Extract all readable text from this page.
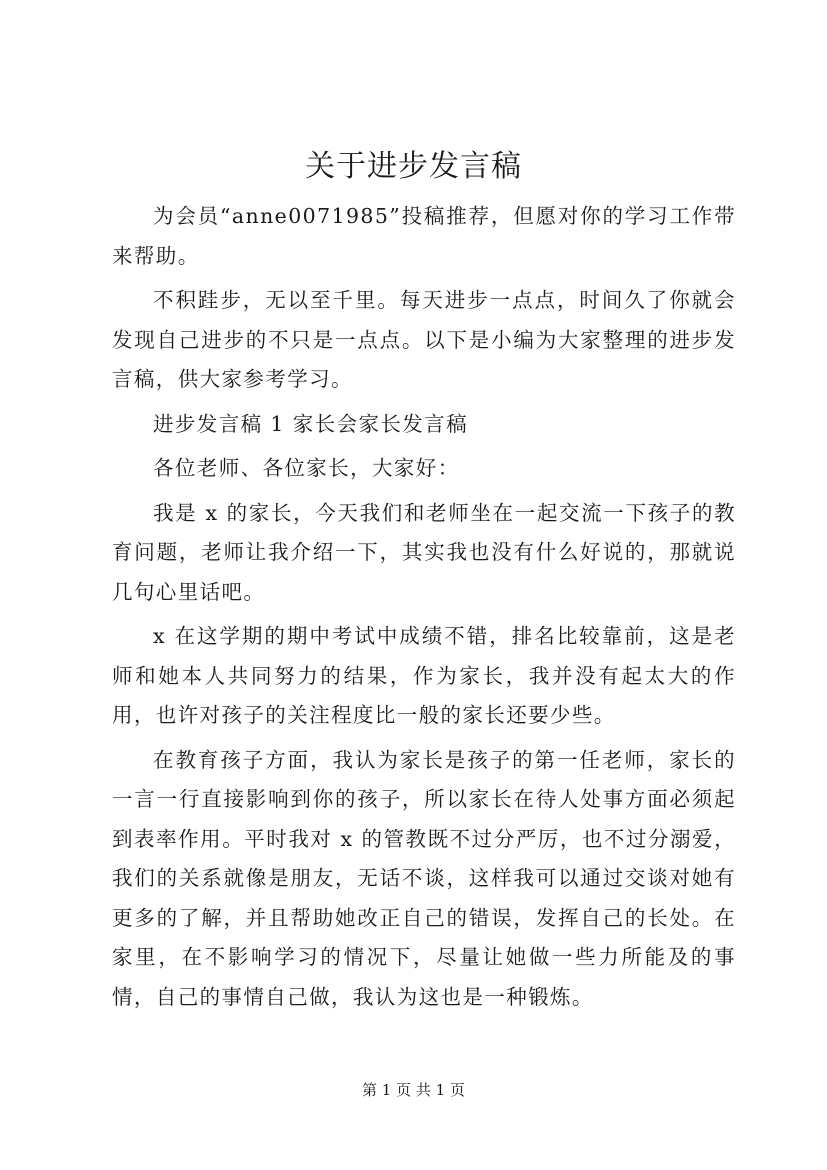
关于进步发言稿

为会员“anne0071985”投稿推荐，但愿对你的学习工作带来帮助。

不积跬步，无以至千里。每天进步一点点，时间久了你就会发现自己进步的不只是一点点。以下是小编为大家整理的进步发言稿，供大家参考学习。

进步发言稿 1 家长会家长发言稿

各位老师、各位家长，大家好：

我是 x 的家长，今天我们和老师坐在一起交流一下孩子的教育问题，老师让我介绍一下，其实我也没有什么好说的，那就说几句心里话吧。

x 在这学期的期中考试中成绩不错，排名比较靠前，这是老师和她本人共同努力的结果，作为家长，我并没有起太大的作用，也许对孩子的关注程度比一般的家长还要少些。

在教育孩子方面，我认为家长是孩子的第一任老师，家长的一言一行直接影响到你的孩子，所以家长在待人处事方面必须起到表率作用。平时我对 x 的管教既不过分严厉，也不过分溺爱，我们的关系就像是朋友，无话不谈，这样我可以通过交谈对她有更多的了解，并且帮助她改正自己的错误，发挥自己的长处。在家里，在不影响学习的情况下，尽量让她做一些力所能及的事情，自己的事情自己做，我认为这也是一种锻炼。

第 1 页 共 1 页
